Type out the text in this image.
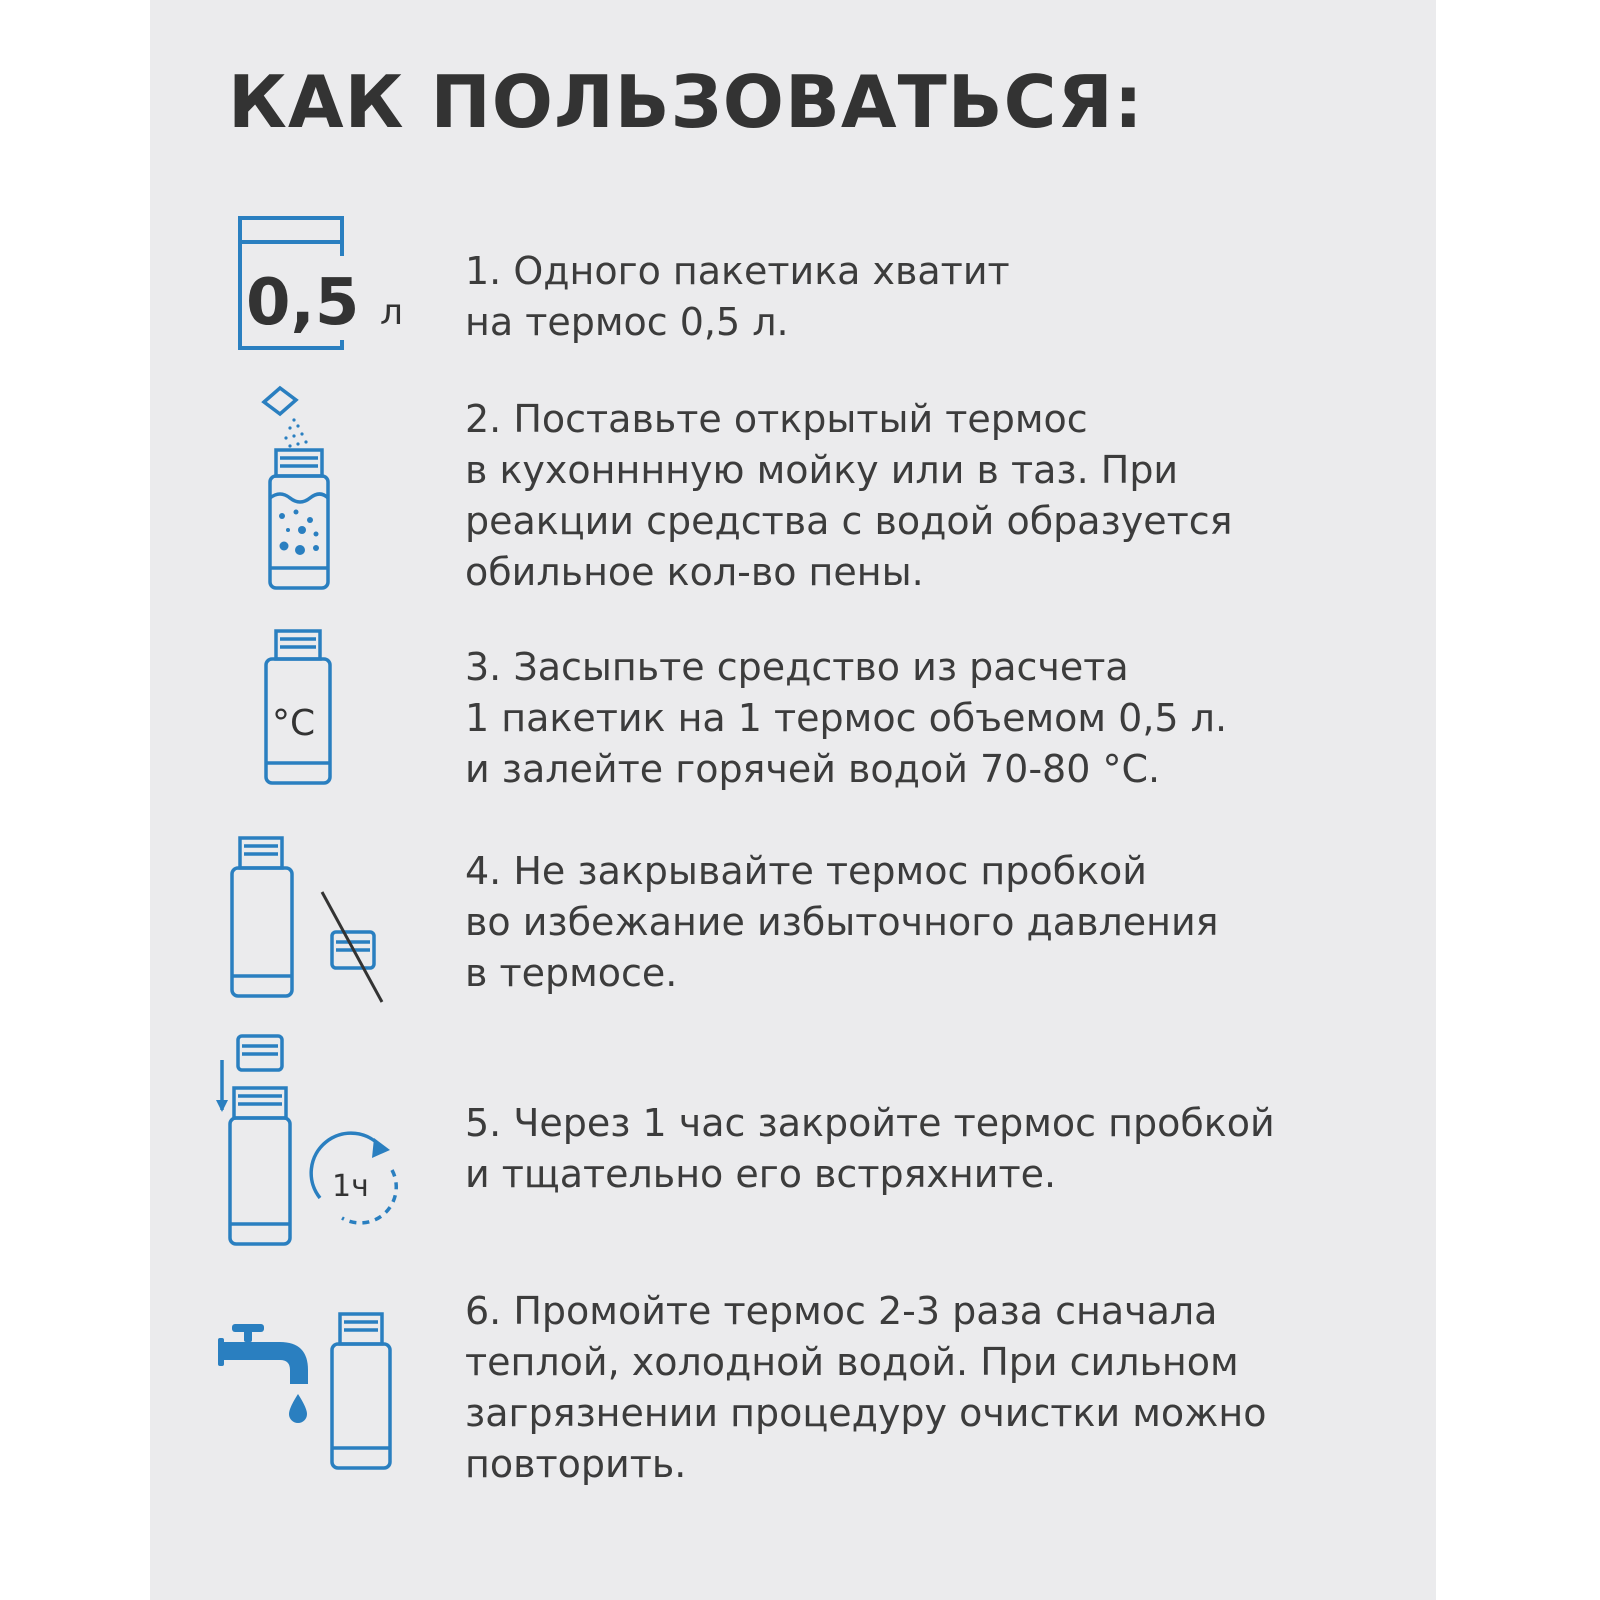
КАК ПОЛЬЗОВАТЬСЯ:
0,5 л
1. Одного пакетика хватит
на термос 0,5 л.
2. Поставьте открытый термос
в кухонннную мойку или в таз. При
реакции средства с водой образуется
обильное кол-во пены.
°С
3. Засыпьте средство из расчета
1 пакетик на 1 термос объемом 0,5 л.
и залейте горячей водой 70-80 °С.
4. Не закрывайте термос пробкой
во избежание избыточного давления
в термосе.
1ч
5. Через 1 час закройте термос пробкой
и тщательно его встряхните.
6. Промойте термос 2-3 раза сначала
теплой, холодной водой. При сильном
загрязнении процедуру очистки можно
повторить.
